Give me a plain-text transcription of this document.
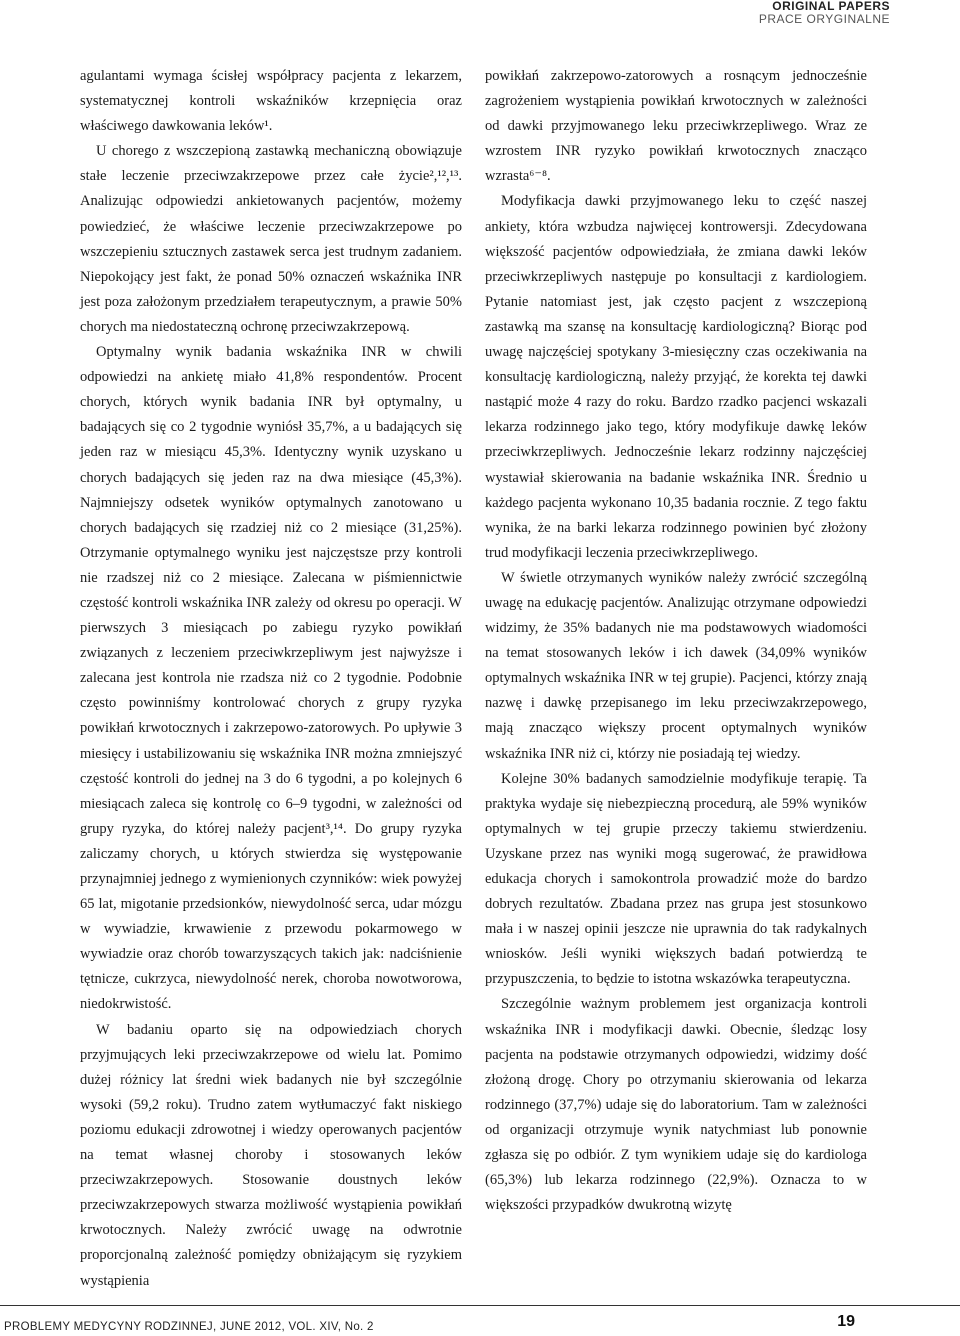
ORIGINAL PAPERS
PRACE ORYGINALNE

agulantami wymaga ścisłej współpracy pacjenta z lekarzem, systematycznej kontroli wskaźników krzepnięcia oraz właściwego dawkowania leków¹.

U chorego z wszczepioną zastawką mechaniczną obowiązuje stałe leczenie przeciwzakrzepowe przez całe życie²,¹²,¹³. Analizując odpowiedzi ankietowanych pacjentów, możemy powiedzieć, że właściwe leczenie przeciwzakrzepowe po wszczepieniu sztucznych zastawek serca jest trudnym zadaniem. Niepokojący jest fakt, że ponad 50% oznaczeń wskaźnika INR jest poza założonym przedziałem terapeutycznym, a prawie 50% chorych ma niedostateczną ochronę przeciwzakrzepową.

Optymalny wynik badania wskaźnika INR w chwili odpowiedzi na ankietę miało 41,8% respondentów. Procent chorych, których wynik badania INR był optymalny, u badających się co 2 tygodnie wyniósł 35,7%, a u badających się jeden raz w miesiącu 45,3%. Identyczny wynik uzyskano u chorych badających się jeden raz na dwa miesiące (45,3%). Najmniejszy odsetek wyników optymalnych zanotowano u chorych badających się rzadziej niż co 2 miesiące (31,25%). Otrzymanie optymalnego wyniku jest najczęstsze przy kontroli nie rzadszej niż co 2 miesiące. Zalecana w piśmiennictwie częstość kontroli wskaźnika INR zależy od okresu po operacji. W pierwszych 3 miesiącach po zabiegu ryzyko powikłań związanych z leczeniem przeciwkrzepliwym jest najwyższe i zalecana jest kontrola nie rzadsza niż co 2 tygodnie. Podobnie często powinniśmy kontrolować chorych z grupy ryzyka powikłań krwotocznych i zakrzepowo-zatorowych. Po upływie 3 miesięcy i ustabilizowaniu się wskaźnika INR można zmniejszyć częstość kontroli do jednej na 3 do 6 tygodni, a po kolejnych 6 miesiącach zaleca się kontrolę co 6–9 tygodni, w zależności od grupy ryzyka, do której należy pacjent³,¹⁴. Do grupy ryzyka zaliczamy chorych, u których stwierdza się występowanie przynajmniej jednego z wymienionych czynników: wiek powyżej 65 lat, migotanie przedsionków, niewydolność serca, udar mózgu w wywiadzie, krwawienie z przewodu pokarmowego w wywiadzie oraz chorób towarzyszących takich jak: nadciśnienie tętnicze, cukrzyca, niewydolność nerek, choroba nowotworowa, niedokrwistość.

W badaniu oparto się na odpowiedziach chorych przyjmujących leki przeciwzakrzepowe od wielu lat. Pomimo dużej różnicy lat średni wiek badanych nie był szczególnie wysoki (59,2 roku). Trudno zatem wytłumaczyć fakt niskiego poziomu edukacji zdrowotnej i wiedzy operowanych pacjentów na temat własnej choroby i stosowanych leków przeciwzakrzepowych. Stosowanie doustnych leków przeciwzakrzepowych stwarza możliwość wystąpienia powikłań krwotocznych. Należy zwrócić uwagę na odwrotnie proporcjonalną zależność pomiędzy obniżającym się ryzykiem wystąpienia

powikłań zakrzepowo-zatorowych a rosnącym jednocześnie zagrożeniem wystąpienia powikłań krwotocznych w zależności od dawki przyjmowanego leku przeciwkrzepliwego. Wraz ze wzrostem INR ryzyko powikłań krwotocznych znacząco wzrasta⁶⁻⁸.

Modyfikacja dawki przyjmowanego leku to część naszej ankiety, która wzbudza najwięcej kontrowersji. Zdecydowana większość pacjentów odpowiedziała, że zmiana dawki leków przeciwkrzepliwych następuje po konsultacji z kardiologiem. Pytanie natomiast jest, jak często pacjent z wszczepioną zastawką ma szansę na konsultację kardiologiczną? Biorąc pod uwagę najczęściej spotykany 3-miesięczny czas oczekiwania na konsultację kardiologiczną, należy przyjąć, że korekta tej dawki nastąpić może 4 razy do roku. Bardzo rzadko pacjenci wskazali lekarza rodzinnego jako tego, który modyfikuje dawkę leków przeciwkrzepliwych. Jednocześnie lekarz rodzinny najczęściej wystawiał skierowania na badanie wskaźnika INR. Średnio u każdego pacjenta wykonano 10,35 badania rocznie. Z tego faktu wynika, że na barki lekarza rodzinnego powinien być złożony trud modyfikacji leczenia przeciwkrzepliwego.

W świetle otrzymanych wyników należy zwrócić szczególną uwagę na edukację pacjentów. Analizując otrzymane odpowiedzi widzimy, że 35% badanych nie ma podstawowych wiadomości na temat stosowanych leków i ich dawek (34,09% wyników optymalnych wskaźnika INR w tej grupie). Pacjenci, którzy znają nazwę i dawkę przepisanego im leku przeciwzakrzepowego, mają znacząco większy procent optymalnych wyników wskaźnika INR niż ci, którzy nie posiadają tej wiedzy.

Kolejne 30% badanych samodzielnie modyfikuje terapię. Ta praktyka wydaje się niebezpieczną procedurą, ale 59% wyników optymalnych w tej grupie przeczy takiemu stwierdzeniu. Uzyskane przez nas wyniki mogą sugerować, że prawidłowa edukacja chorych i samokontrola prowadzić może do bardzo dobrych rezultatów. Zbadana przez nas grupa jest stosunkowo mała i w naszej opinii jeszcze nie uprawnia do tak radykalnych wniosków. Jeśli wyniki większych badań potwierdzą te przypuszczenia, to będzie to istotna wskazówka terapeutyczna.

Szczególnie ważnym problemem jest organizacja kontroli wskaźnika INR i modyfikacji dawki. Obecnie, śledząc losy pacjenta na podstawie otrzymanych odpowiedzi, widzimy dość złożoną drogę. Chory po otrzymaniu skierowania od lekarza rodzinnego (37,7%) udaje się do laboratorium. Tam w zależności od organizacji otrzymuje wynik natychmiast lub ponownie zgłasza się po odbiór. Z tym wynikiem udaje się do kardiologa (65,3%) lub lekarza rodzinnego (22,9%). Oznacza to w większości przypadków dwukrotną wizytę

PROBLEMY MEDYCYNY RODZINNEJ, JUNE 2012, VOL. XIV, No. 2	19
